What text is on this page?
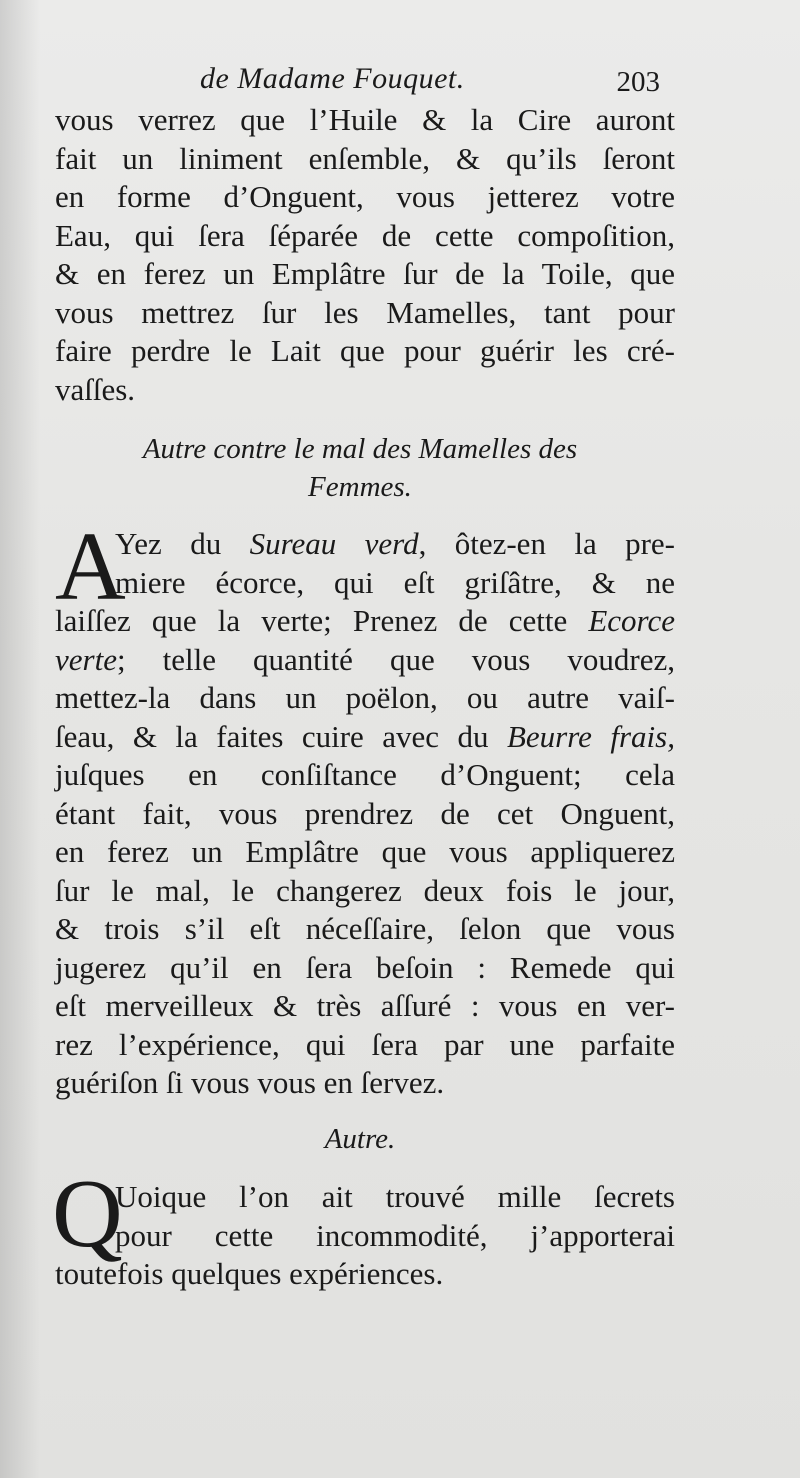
de Madame Fouquet.	203
vous verrez que l’Huile & la Cire auront
fait un liniment enſemble, & qu’ils ſeront
en forme d’Onguent, vous jetterez votre
Eau, qui ſera ſéparée de cette compoſition,
& en ferez un Emplâtre ſur de la Toile, que
vous mettrez ſur les Mamelles, tant pour
faire perdre le Lait que pour guérir les cré-
vaſſes.
Autre contre le mal des Mamelles des
Femmes.
A
Yez du Sureau verd, ôtez-en la pre-
miere écorce, qui eſt griſâtre, & ne
laiſſez que la verte; Prenez de cette Ecorce
verte; telle quantité que vous voudrez,
mettez-la dans un poëlon, ou autre vaiſ-
ſeau, & la faites cuire avec du Beurre frais,
juſques en conſiſtance d’Onguent; cela
étant fait, vous prendrez de cet Onguent,
en ferez un Emplâtre que vous appliquerez
ſur le mal, le changerez deux fois le jour,
& trois s’il eſt néceſſaire, ſelon que vous
jugerez qu’il en ſera beſoin : Remede qui
eſt merveilleux & très aſſuré : vous en ver-
rez l’expérience, qui ſera par une parfaite
guériſon ſi vous vous en ſervez.
Autre.
Q
Uoique l’on ait trouvé mille ſecrets
pour cette incommodité, j’apporterai
toutefois quelques expériences.
